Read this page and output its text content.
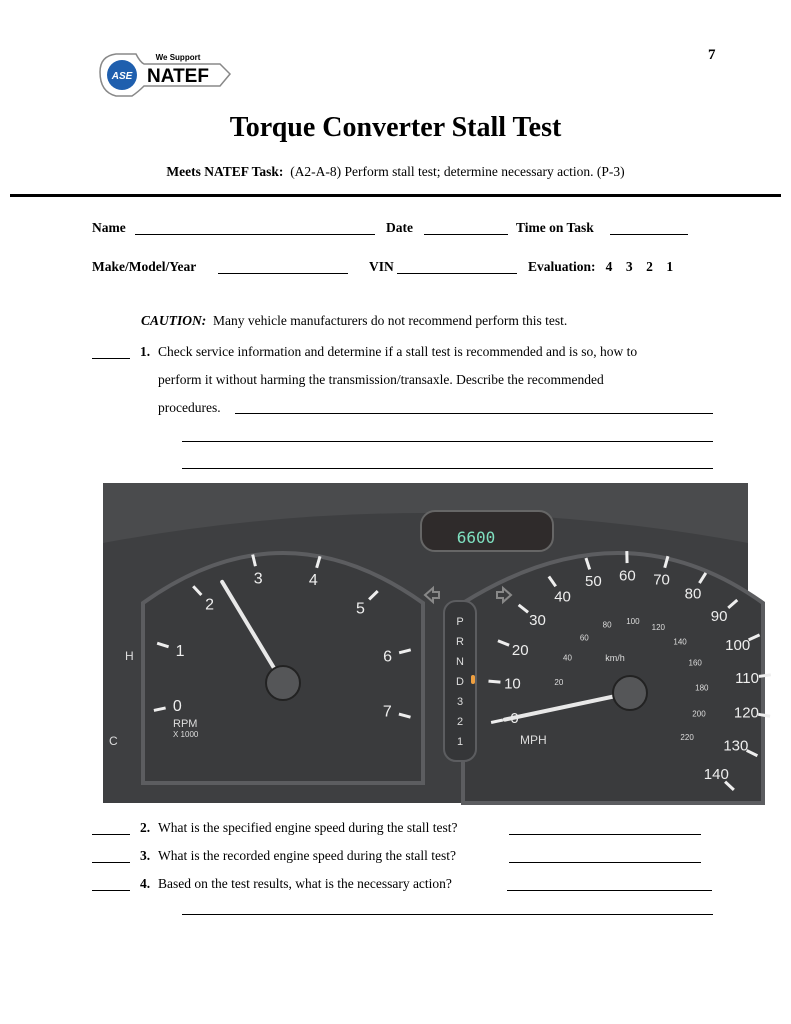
ASE NATEF
We Support	7
Torque Converter Stall Test
Meets NATEF Task: (A2-A-8) Perform stall test; determine necessary action. (P-3)
Name	Date	Time on Task
Make/Model/Year	VIN	Evaluation: 4 3 2 1
CAUTION: Many vehicle manufacturers do not recommend perform this test.
1. Check service information and determine if a stall test is recommended and is so, how to
perform it without harming the transmission/transaxle. Describe the recommended
procedures.
6600
P
R
N
D
3
2
1
0
1
2
3	4
5
6
7
10
20
30
40
50 60 70
80
90
100
110
120
130
140
20
40
60
80 100
120
140
160
180
200
220
H
C
RPM
X 1000	MPH
km/h
2. What is the specified engine speed during the stall test?
3. What is the recorded engine speed during the stall test?
4. Based on the test results, what is the necessary action?
